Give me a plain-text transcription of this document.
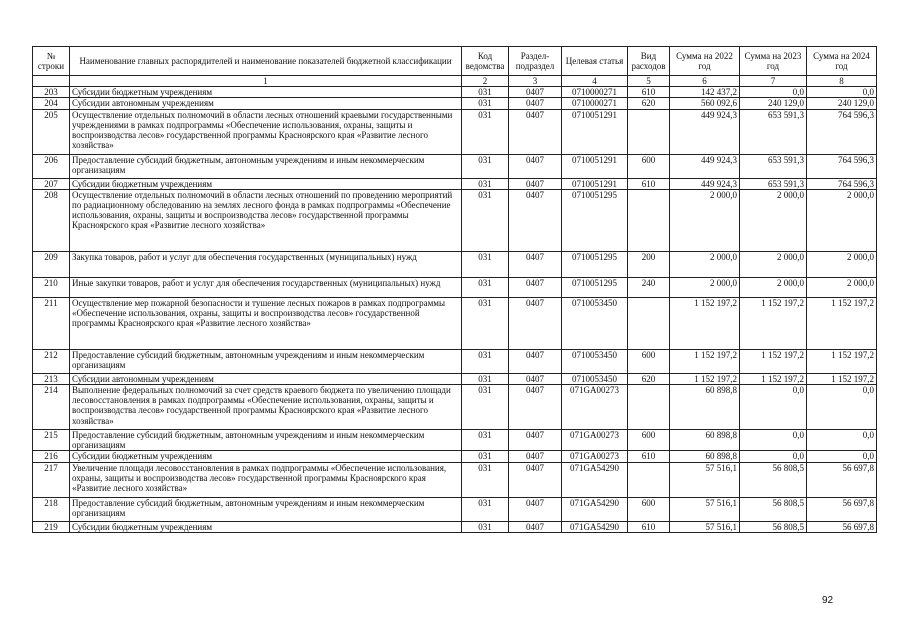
№ строки	Наименование главных распорядителей и наименование показателей бюджетной классификации	Код ведомства	Раздел-подраздел	Целевая статья	Вид расходов	Сумма на 2022 год	Сумма на 2023 год	Сумма на 2024 год
	1	2	3	4	5	6	7	8
203	Субсидии бюджетным учреждениям	031	0407	0710000271	610	142 437,2	0,0	0,0
204	Субсидии автономным учреждениям	031	0407	0710000271	620	560 092,6	240 129,0	240 129,0
205	Осуществление отдельных полномочий в области лесных отношений краевыми государственными учреждениями в рамках подпрограммы «Обеспечение использования, охраны, защиты и воспроизводства лесов» государственной программы Красноярского края «Развитие лесного хозяйства»	031	0407	0710051291		449 924,3	653 591,3	764 596,3
206	Предоставление субсидий бюджетным, автономным учреждениям и иным некоммерческим организациям	031	0407	0710051291	600	449 924,3	653 591,3	764 596,3
207	Субсидии бюджетным учреждениям	031	0407	0710051291	610	449 924,3	653 591,3	764 596,3
208	Осуществление отдельных полномочий в области лесных отношений по проведению мероприятий по радиационному обследованию на землях лесного фонда в рамках подпрограммы «Обеспечение использования, охраны, защиты и воспроизводства лесов» государственной программы Красноярского края «Развитие лесного хозяйства»	031	0407	0710051295		2 000,0	2 000,0	2 000,0
209	Закупка товаров, работ и услуг для обеспечения государственных (муниципальных) нужд	031	0407	0710051295	200	2 000,0	2 000,0	2 000,0
210	Иные закупки товаров, работ и услуг для обеспечения государственных (муниципальных) нужд	031	0407	0710051295	240	2 000,0	2 000,0	2 000,0
211	Осуществление мер пожарной безопасности и тушение лесных пожаров в рамках подпрограммы «Обеспечение использования, охраны, защиты и воспроизводства лесов» государственной программы Красноярского края «Развитие лесного хозяйства»	031	0407	0710053450		1 152 197,2	1 152 197,2	1 152 197,2
212	Предоставление субсидий бюджетным, автономным учреждениям и иным некоммерческим организациям	031	0407	0710053450	600	1 152 197,2	1 152 197,2	1 152 197,2
213	Субсидии автономным учреждениям	031	0407	0710053450	620	1 152 197,2	1 152 197,2	1 152 197,2
214	Выполнение федеральных полномочий за счет средств краевого бюджета по увеличению площади лесовосстановления в рамках подпрограммы «Обеспечение использования, охраны, защиты и воспроизводства лесов» государственной программы Красноярского края «Развитие лесного хозяйства»	031	0407	071GA00273		60 898,8	0,0	0,0
215	Предоставление субсидий бюджетным, автономным учреждениям и иным некоммерческим организациям	031	0407	071GA00273	600	60 898,8	0,0	0,0
216	Субсидии бюджетным учреждениям	031	0407	071GA00273	610	60 898,8	0,0	0,0
217	Увеличение площади лесовосстановления в рамках подпрограммы «Обеспечение использования, охраны, защиты и воспроизводства лесов» государственной программы Красноярского края «Развитие лесного хозяйства»	031	0407	071GA54290		57 516,1	56 808,5	56 697,8
218	Предоставление субсидий бюджетным, автономным учреждениям и иным некоммерческим организациям	031	0407	071GA54290	600	57 516,1	56 808,5	56 697,8
219	Субсидии бюджетным учреждениям	031	0407	071GA54290	610	57 516,1	56 808,5	56 697,8
92
